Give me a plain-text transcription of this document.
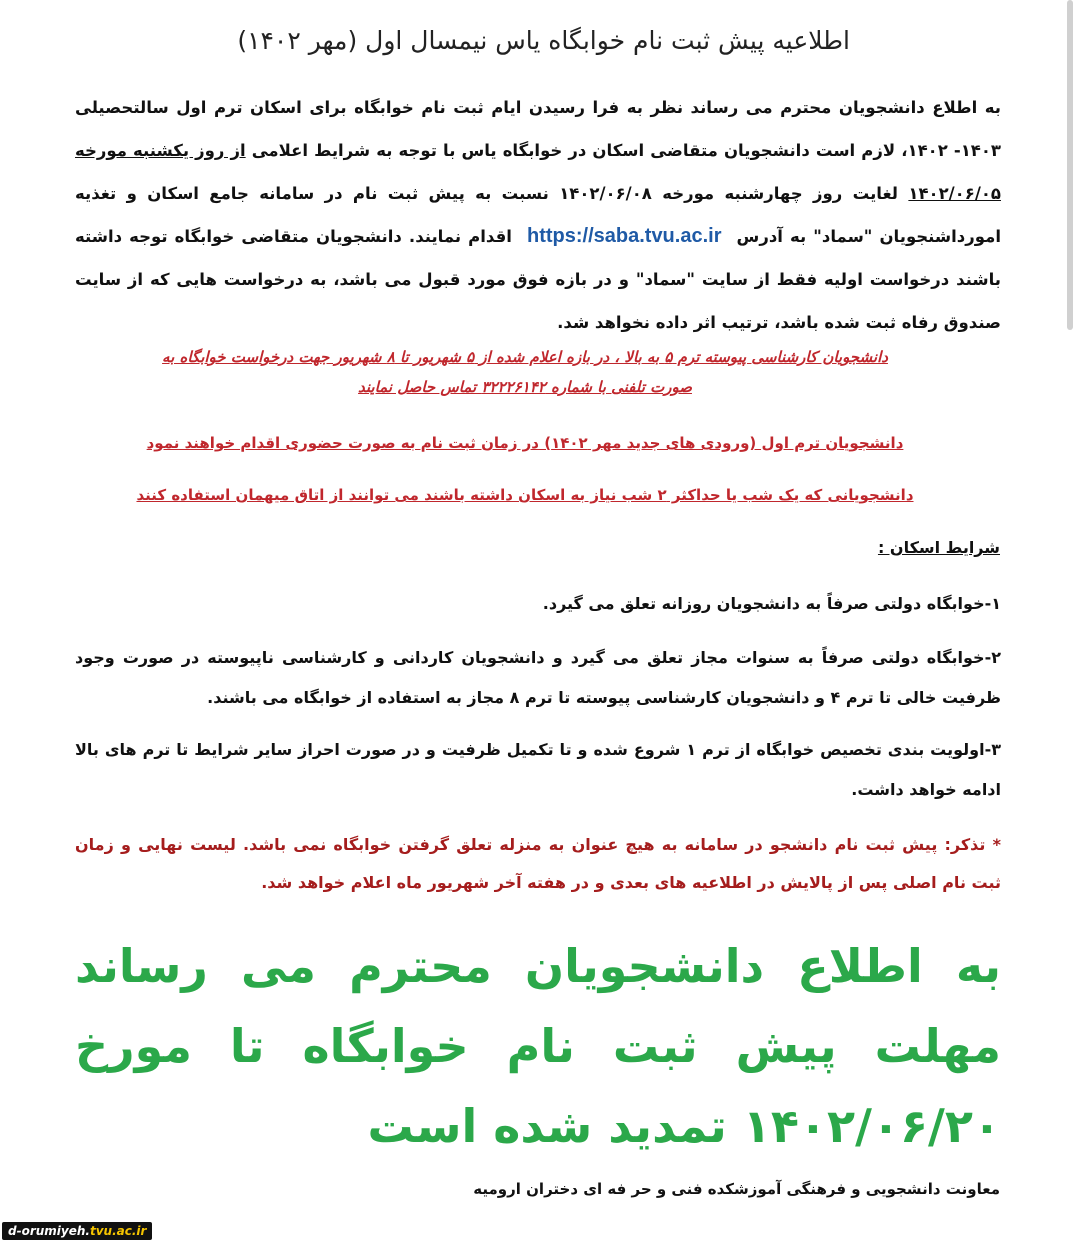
اطلاعیه پیش ثبت نام خوابگاه یاس نیمسال اول (مهر ۱۴۰۲)
به اطلاع دانشجویان محترم می رساند نظر به فرا رسیدن ایام ثبت نام خوابگاه برای اسکان ترم اول سالتحصیلی ۱۴۰۳- ۱۴۰۲، لازم است دانشجویان متقاضی اسکان در خوابگاه یاس با توجه به شرایط اعلامی از روز یکشنبه مورخه ۱۴۰۲/۰۶/۰۵ لغایت روز چهارشنبه مورخه ۱۴۰۲/۰۶/۰۸ نسبت به پیش ثبت نام در سامانه جامع اسکان و تغذیه امورداشنجویان "سماد" به آدرس https://saba.tvu.ac.ir اقدام نمایند. دانشجویان متقاضی خوابگاه توجه داشته باشند درخواست اولیه فقط از سایت "سماد" و در بازه فوق مورد قبول می باشد، به درخواست هایی که از سایت صندوق رفاه ثبت شده باشد، ترتیب اثر داده نخواهد شد.
دانشجویان کارشناسی پیوسته ترم ۵ به بالا ، در بازه اعلام شده از ۵ شهریور تا ۸ شهریور جهت درخواست خوابگاه به
صورت تلفنی با شماره ۳۲۲۲۶۱۴۲ تماس حاصل نمایند
دانشجویان ترم اول (ورودی های جدید مهر ۱۴۰۲) در زمان ثبت نام به صورت حضوری اقدام خواهند نمود
دانشجویانی که یک شب یا حداکثر ۲ شب نیاز به اسکان داشته باشند می توانند از اتاق میهمان استفاده کنند
شرایط اسکان :
۱-خوابگاه دولتی صرفاً به دانشجویان روزانه تعلق می گیرد.
۲-خوابگاه دولتی صرفاً به سنوات مجاز تعلق می گیرد و دانشجویان کاردانی و کارشناسی ناپیوسته در صورت وجود ظرفیت خالی تا ترم ۴ و دانشجویان کارشناسی پیوسته تا ترم ۸ مجاز به استفاده از خوابگاه می باشند.
۳-اولویت بندی تخصیص خوابگاه از ترم ۱ شروع شده و تا تکمیل ظرفیت و در صورت احراز سایر شرایط تا ترم های بالا ادامه خواهد داشت.
* تذکر: پیش ثبت نام دانشجو در سامانه به هیچ عنوان به منزله تعلق گرفتن خوابگاه نمی باشد. لیست نهایی و زمان ثبت نام اصلی پس از پالایش در اطلاعیه های بعدی و در هفته آخر شهریور ماه اعلام خواهد شد.
به اطلاع دانشجویان محترم می رساند مهلت پیش ثبت نام خوابگاه تا مورخ ۱۴۰۲/۰۶/۲۰ تمدید شده است
معاونت دانشجویی و فرهنگی آموزشکده فنی و حر فه ای دختران ارومیه
d-orumiyeh.tvu.ac.ir
